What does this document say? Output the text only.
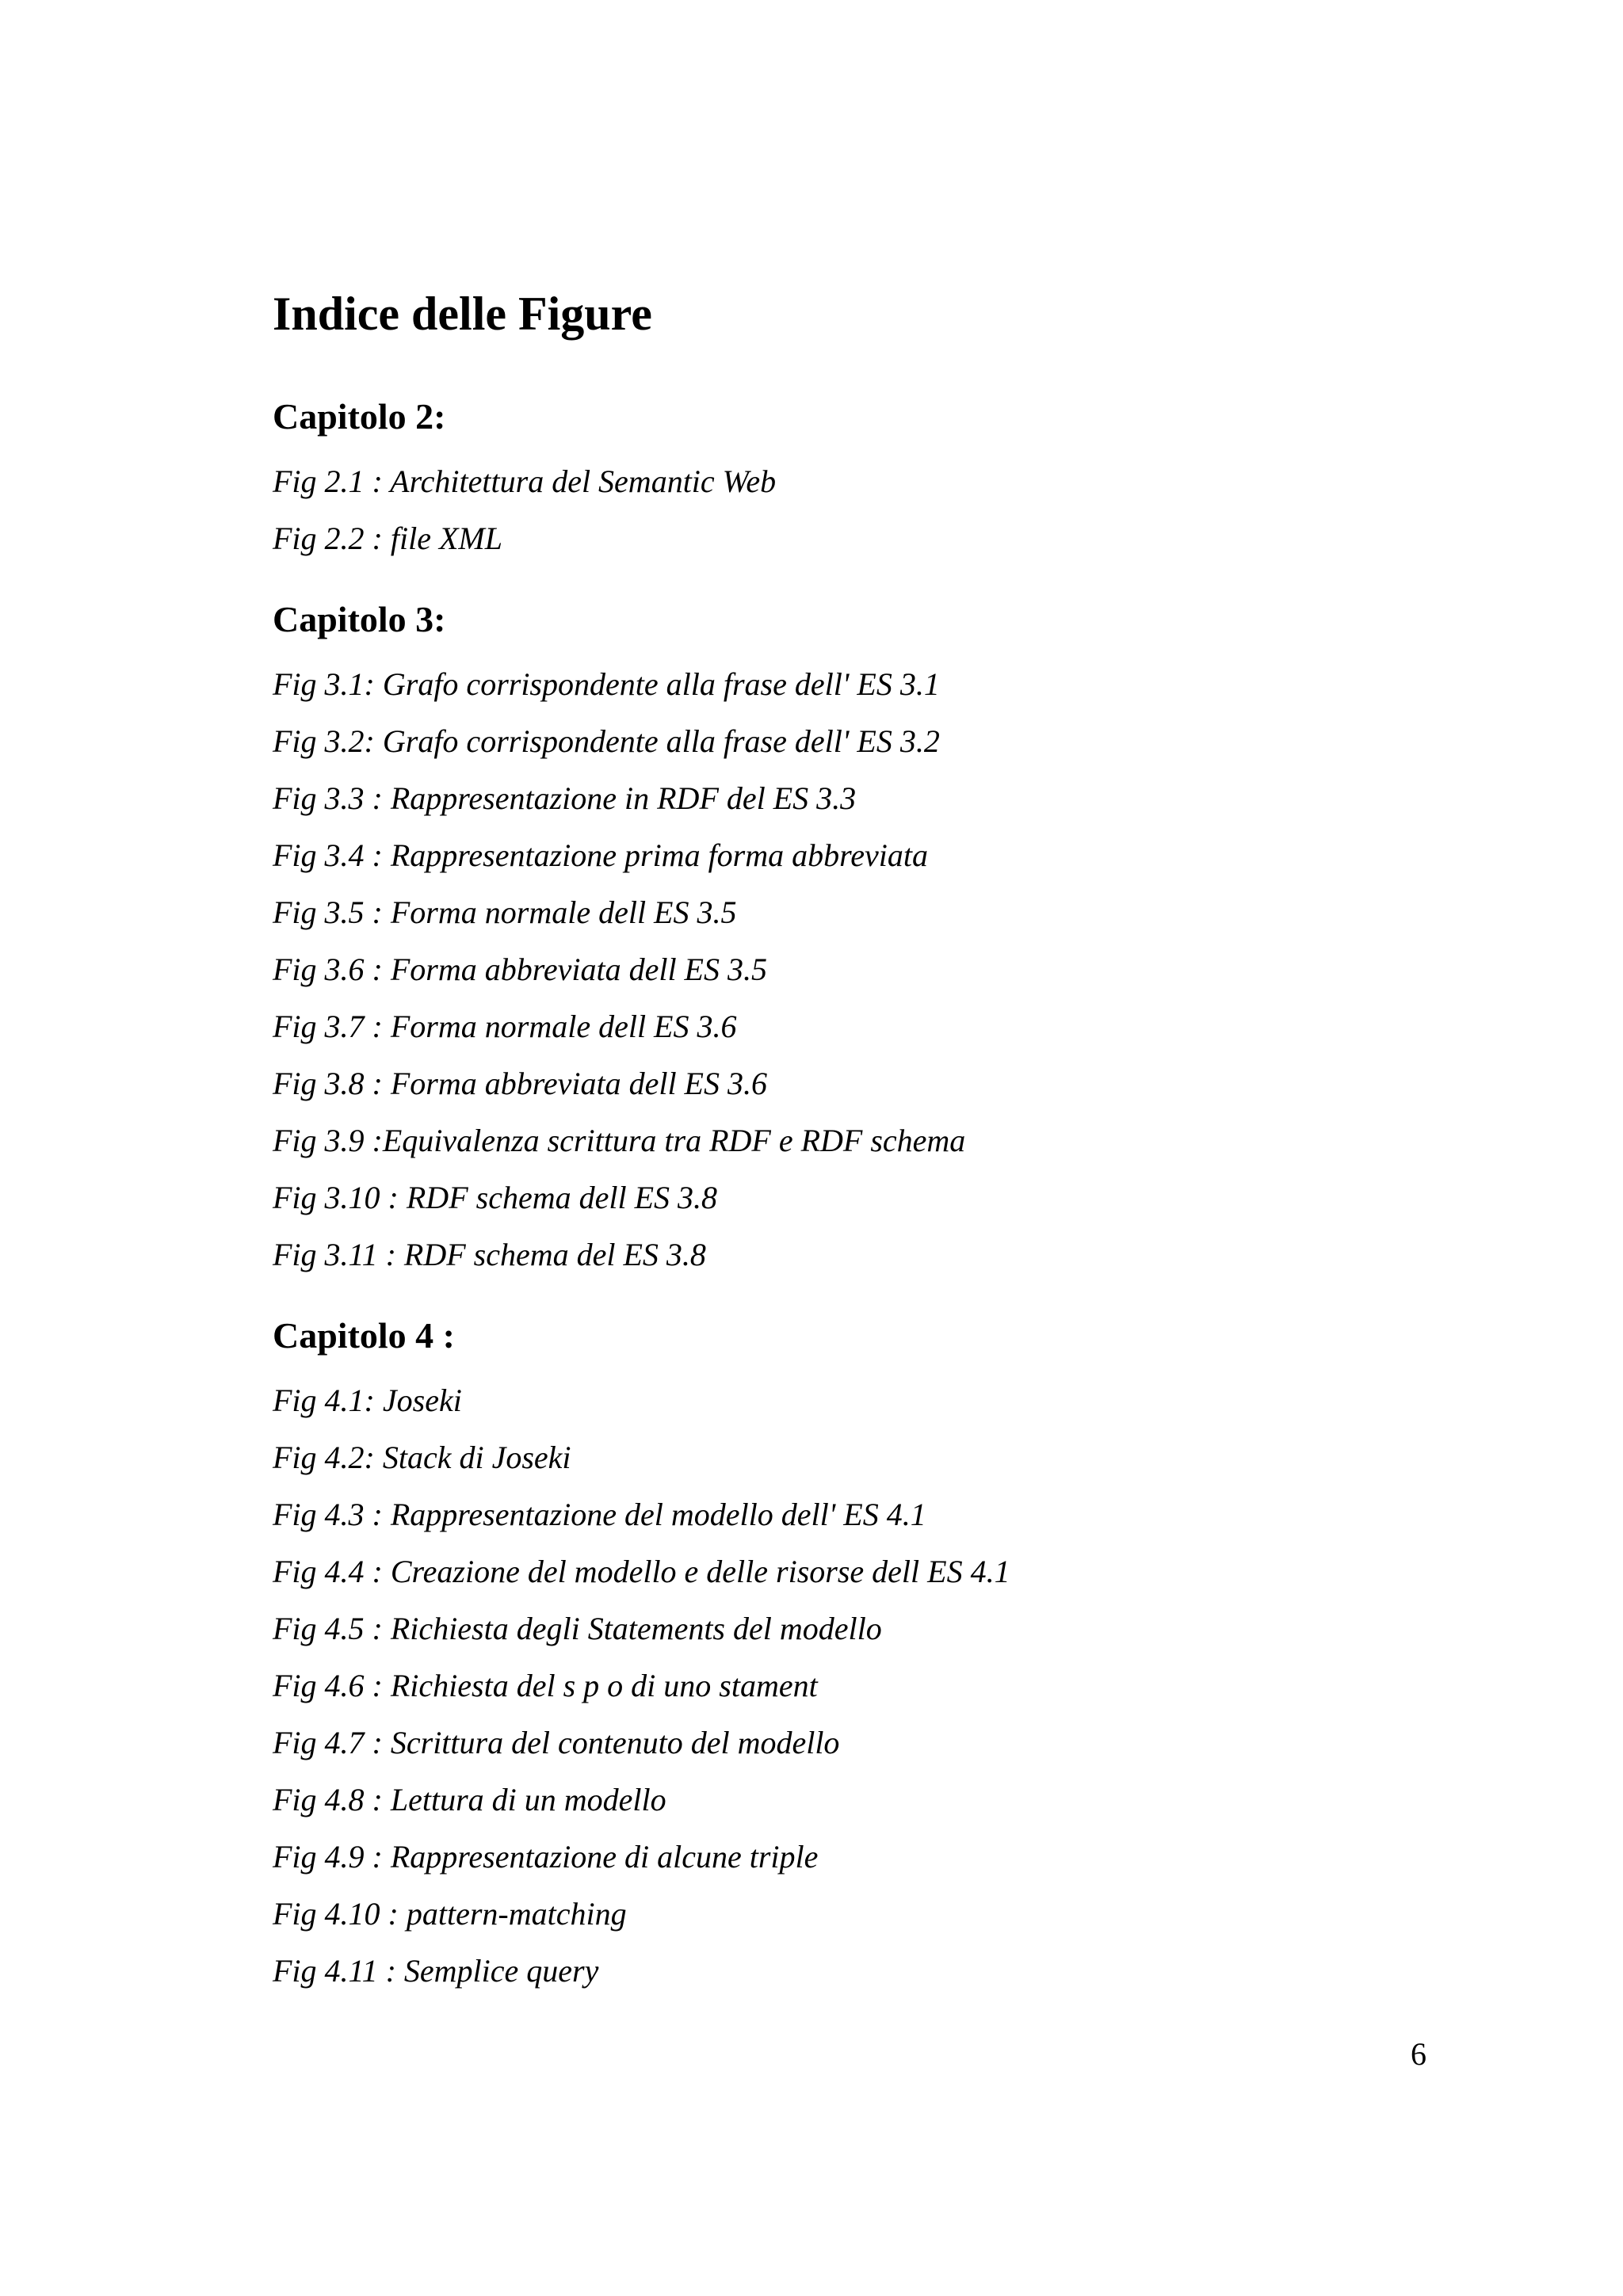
Indice delle Figure
Capitolo 2:
Fig 2.1 : Architettura del Semantic Web
Fig 2.2 : file XML
Capitolo 3:
Fig 3.1: Grafo corrispondente alla frase dell' ES 3.1
Fig 3.2: Grafo corrispondente alla frase dell' ES 3.2
Fig 3.3 : Rappresentazione in RDF del ES 3.3
Fig 3.4 : Rappresentazione prima forma abbreviata
Fig 3.5 : Forma normale dell ES 3.5
Fig 3.6 : Forma abbreviata dell ES 3.5
Fig 3.7 : Forma normale dell ES 3.6
Fig 3.8 : Forma abbreviata dell ES 3.6
Fig 3.9 :Equivalenza scrittura tra RDF e RDF schema
Fig 3.10 : RDF schema dell ES 3.8
Fig 3.11 : RDF schema del ES 3.8
Capitolo 4 :
Fig 4.1: Joseki
Fig 4.2: Stack di Joseki
Fig 4.3 : Rappresentazione del modello dell' ES 4.1
Fig 4.4 : Creazione del modello e delle risorse dell ES 4.1
Fig 4.5 : Richiesta degli Statements del modello
Fig 4.6 : Richiesta del s p o di uno stament
Fig 4.7 : Scrittura del contenuto del modello
Fig 4.8 : Lettura di un modello
Fig 4.9 : Rappresentazione di alcune triple
Fig 4.10 : pattern-matching
Fig 4.11 : Semplice query
6
